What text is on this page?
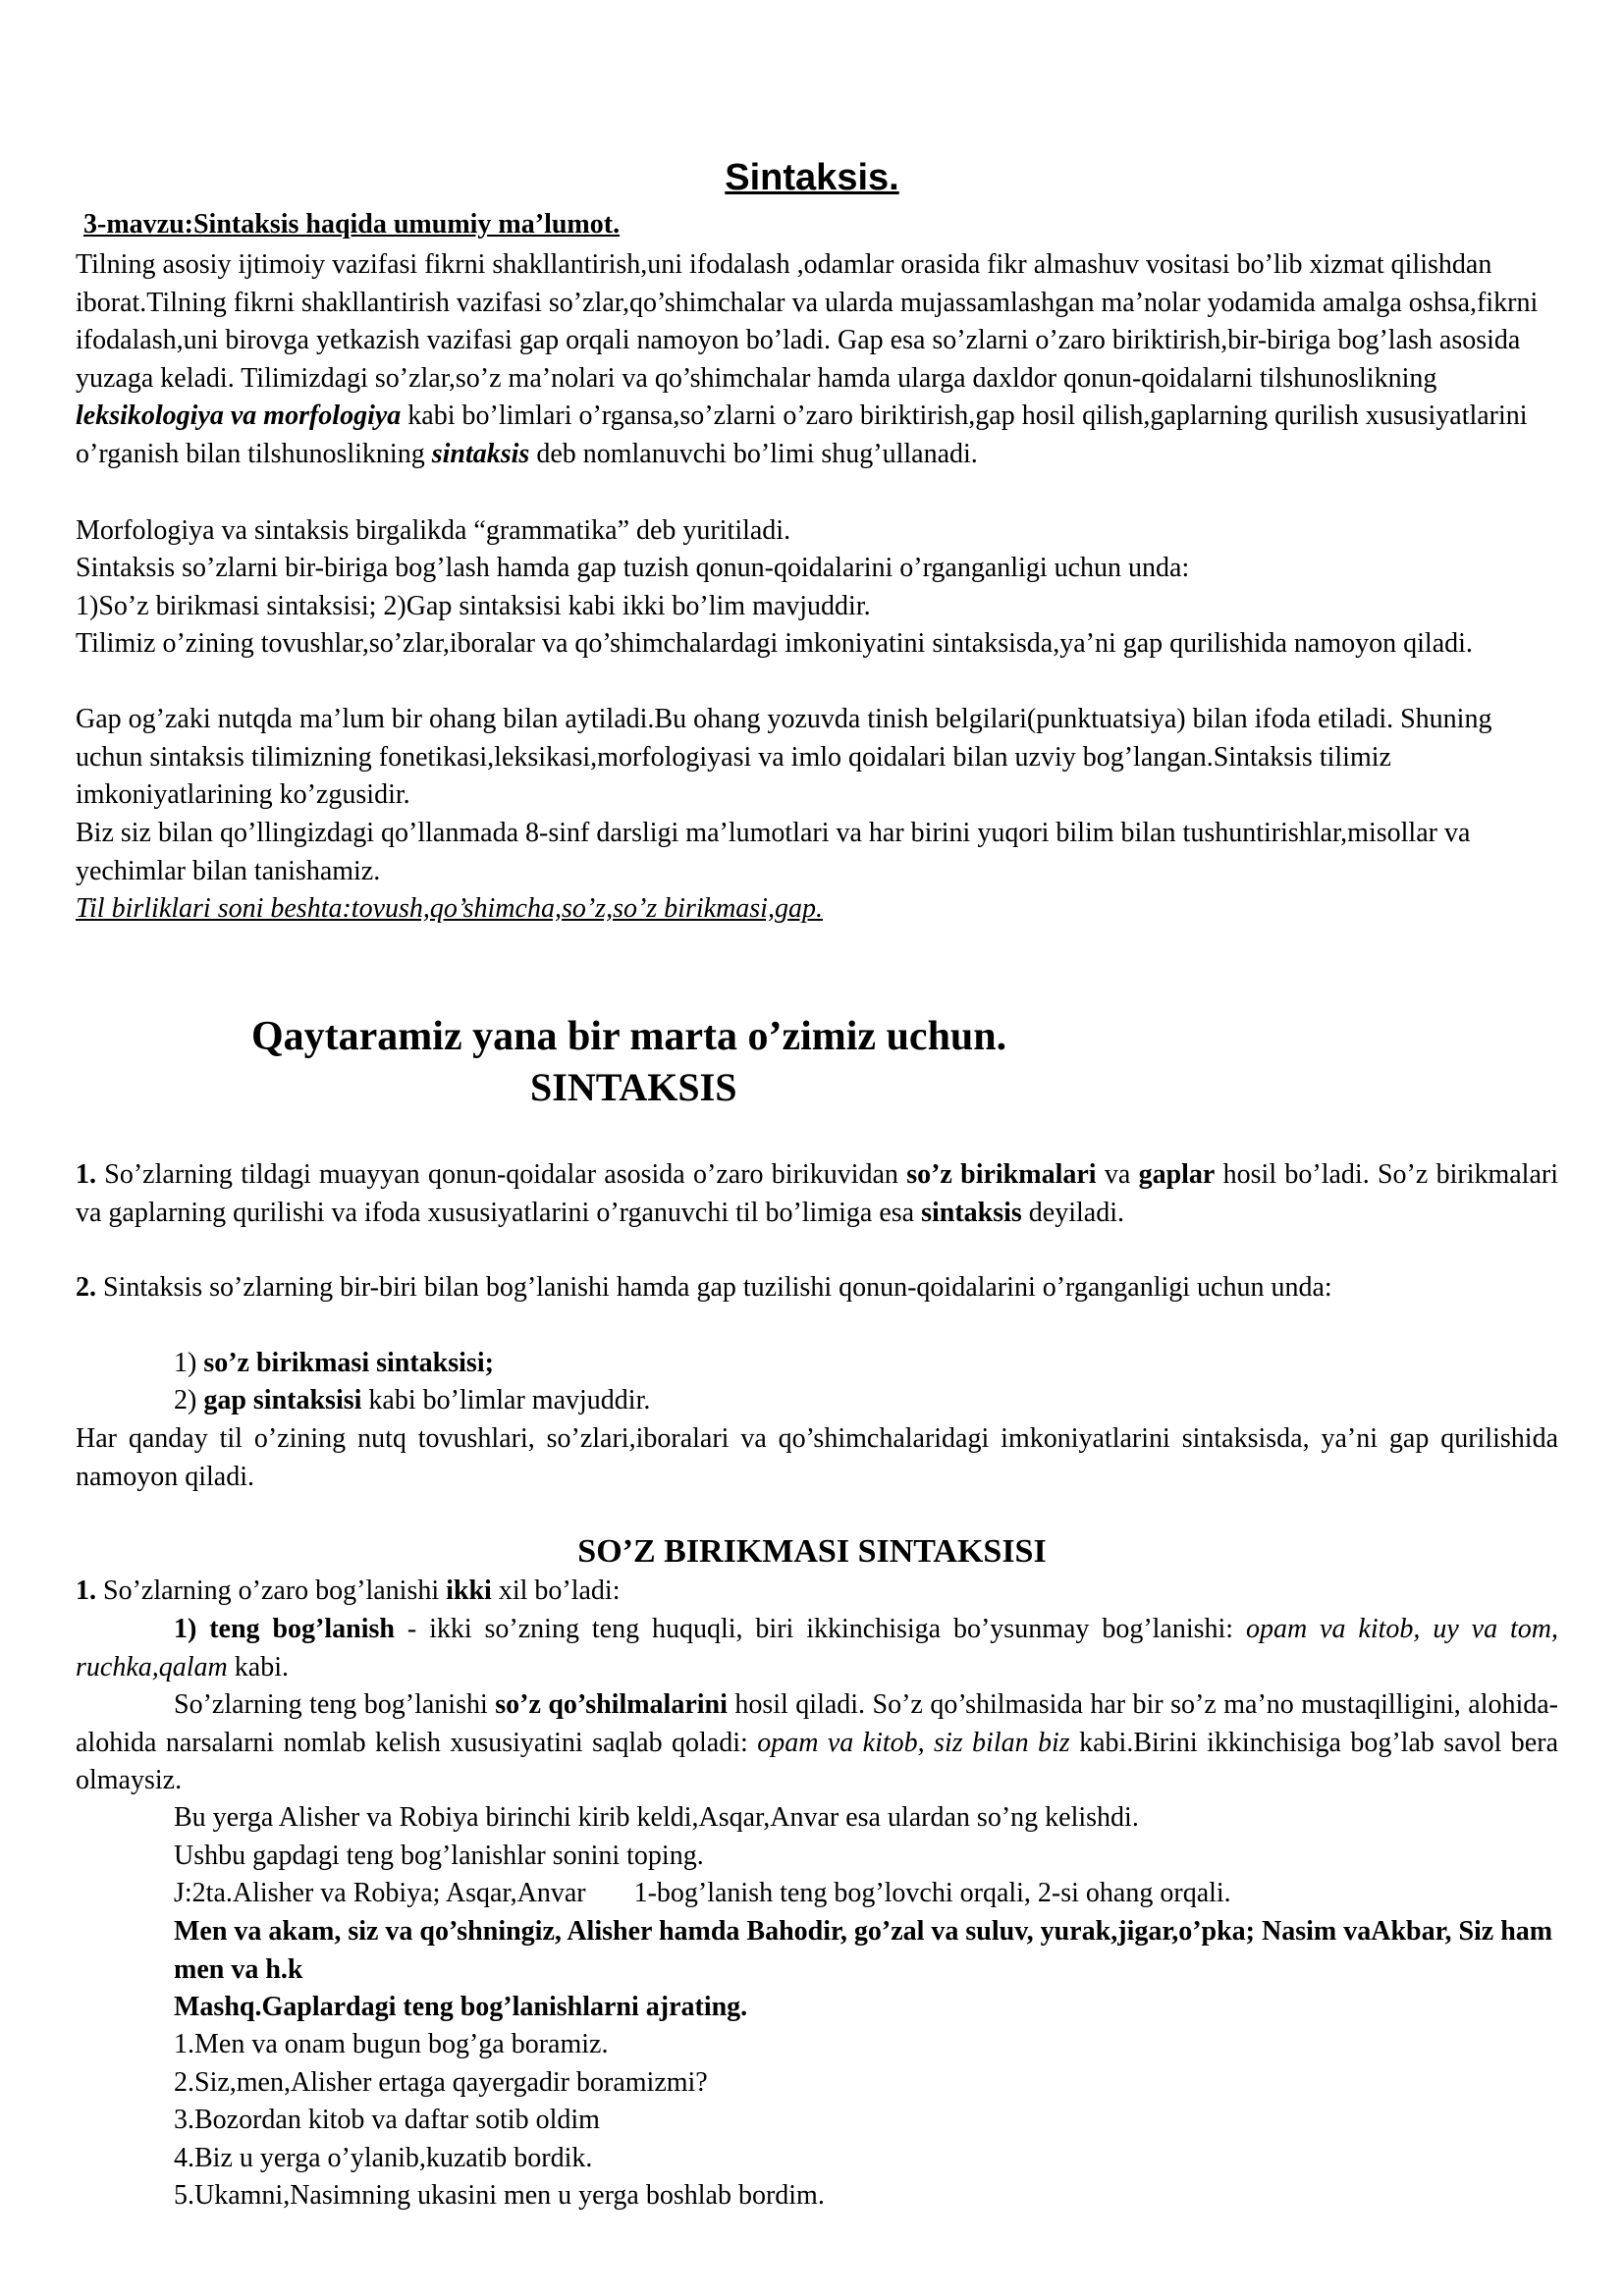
Sintaksis.
3-mavzu:Sintaksis haqida umumiy ma’lumot.
Tilning asosiy ijtimoiy vazifasi fikrni shakllantirish,uni ifodalash ,odamlar orasida fikr almashuv vositasi bo’lib xizmat qilishdan iborat.Tilning fikrni shakllantirish vazifasi so’zlar,qo’shimchalar va ularda mujassamlashgan ma’nolar yodamida amalga oshsa,fikrni ifodalash,uni birovga yetkazish vazifasi gap orqali namoyon bo’ladi. Gap esa so’zlarni o’zaro biriktirish,bir-biriga bog’lash asosida yuzaga keladi. Tilimizdagi so’zlar,so’z ma’nolari va qo’shimchalar hamda ularga daxldor qonun-qoidalarni tilshunoslikning leksikologiya va morfologiya kabi bo’limlari o’rgansa,so’zlarni o’zaro biriktirish,gap hosil qilish,gaplarning qurilish xususiyatlarini o’rganish bilan tilshunoslikning sintaksis deb nomlanuvchi bo’limi shug’ullanadi.
Morfologiya va sintaksis birgalikda “grammatika” deb yuritiladi.
Sintaksis so’zlarni bir-biriga bog’lash hamda gap tuzish qonun-qoidalarini o’rganganligi uchun unda:
1)So’z birikmasi sintaksisi; 2)Gap sintaksisi kabi ikki bo’lim mavjuddir.
Tilimiz o’zining tovushlar,so’zlar,iboralar va qo’shimchalardagi imkoniyatini sintaksisda,ya’ni gap qurilishida namoyon qiladi.
Gap og’zaki nutqda ma’lum bir ohang bilan aytiladi.Bu ohang yozuvda tinish belgilari(punktuatsiya) bilan ifoda etiladi. Shuning uchun sintaksis tilimizning fonetikasi,leksikasi,morfologiyasi va imlo qoidalari bilan uzviy bog’langan.Sintaksis tilimiz imkoniyatlarining ko’zgusidir.
Biz siz bilan qo’llingizdagi qo’llanmada 8-sinf darsligi ma’lumotlari va har birini yuqori bilim bilan tushuntirishlar,misollar va yechimlar bilan tanishamiz.
Til birliklari soni beshta:tovush,qo’shimcha,so’z,so’z birikmasi,gap.
Qaytaramiz yana bir marta o’zimiz uchun.
SINTAKSIS
1. So’zlarning tildagi muayyan qonun-qoidalar asosida o’zaro birikuvidan so’z birikmalari va gaplar hosil bo’ladi. So’z birikmalari va gaplarning qurilishi va ifoda xususiyatlarini o’rganuvchi til bo’limiga esa sintaksis deyiladi.
2. Sintaksis so’zlarning bir-biri bilan bog’lanishi hamda gap tuzilishi qonun-qoidalarini o’rganganligi uchun unda:
1) so’z birikmasi sintaksisi;
2) gap sintaksisi kabi bo’limlar mavjuddir.
Har qanday til o’zining nutq tovushlari, so’zlari,iboralari va qo’shimchalaridagi imkoniyatlarini sintaksisda, ya’ni gap qurilishida namoyon qiladi.
SO’Z BIRIKMASI SINTAKSISI
1. So’zlarning o’zaro bog’lanishi ikki xil bo’ladi:
1) teng bog’lanish - ikki so’zning teng huquqli, biri ikkinchisiga bo’ysunmay bog’lanishi: opam va kitob, uy va tom, ruchka,qalam kabi.
So’zlarning teng bog’lanishi so’z qo’shilmalarini hosil qiladi. So’z qo’shilmasida har bir so’z ma’no mustaqilligini, alohida-alohida narsalarni nomlab kelish xususiyatini saqlab qoladi: opam va kitob, siz bilan biz kabi.Birini ikkinchisiga bog’lab savol bera olmaysiz.
Bu yerga Alisher va Robiya birinchi kirib keldi,Asqar,Anvar esa ulardan so’ng kelishdi.
Ushbu gapdagi teng bog’lanishlar sonini toping.
J:2ta.Alisher va Robiya; Asqar,Anvar       1-bog’lanish teng bog’lovchi orqali, 2-si ohang orqali.
Men va akam, siz va qo’shningiz, Alisher hamda Bahodir, go’zal va suluv, yurak,jigar,o’pka; Nasim vaAkbar, Siz ham men va h.k
Mashq.Gaplardagi teng bog’lanishlarni ajrating.
1.Men va onam bugun bog’ga boramiz.
2.Siz,men,Alisher ertaga qayergadir boramizmi?
3.Bozordan kitob va daftar sotib oldim
4.Biz u yerga o’ylanib,kuzatib bordik.
5.Ukamni,Nasimning ukasini men u yerga boshlab bordim.
